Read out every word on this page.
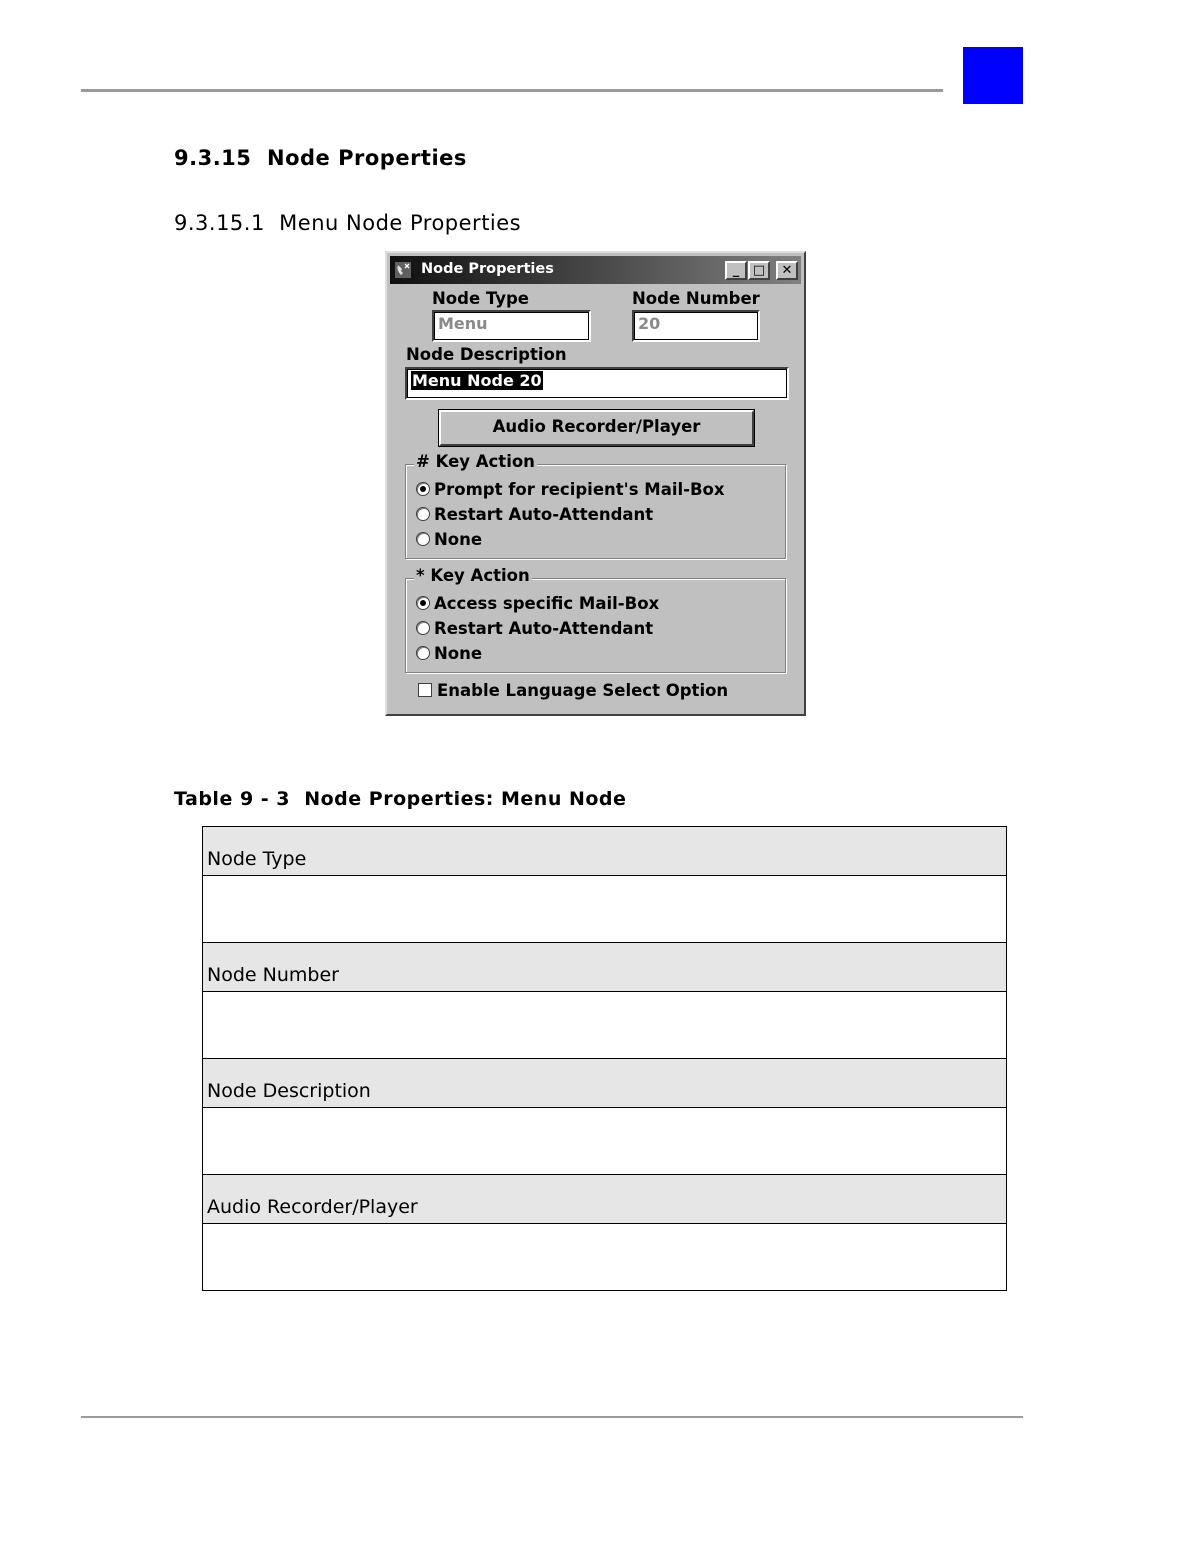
9.3.15  Node Properties
9.3.15.1  Menu Node Properties
Node Properties	_	□	✕
Node Type
Menu
Node Number
20
Node Description
Menu Node 20
Audio Recorder/Player
# Key Action
Prompt for recipient's Mail-Box
Restart Auto-Attendant
None
* Key Action
Access specific Mail-Box
Restart Auto-Attendant
None
Enable Language Select Option
Table 9 - 3  Node Properties: Menu Node
Node Type

Node Number

Node Description

Audio Recorder/Player
